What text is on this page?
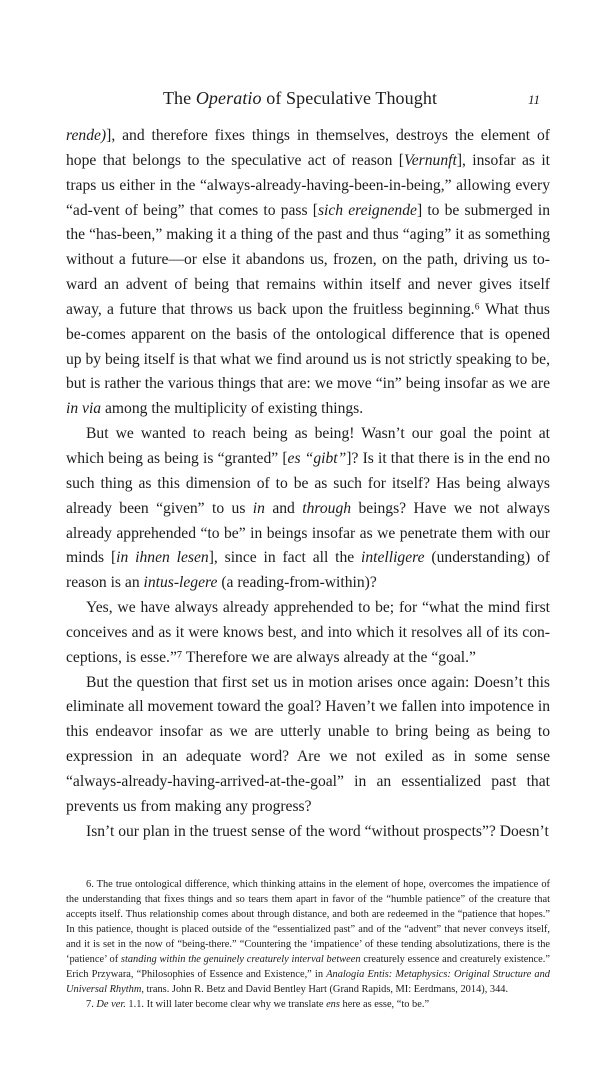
The Operatio of Speculative Thought	11

rende)], and therefore fixes things in themselves, destroys the element of hope that belongs to the speculative act of reason [Vernunft], insofar as it traps us either in the “always-already-having-been-in-being,” allowing every “ad-vent of being” that comes to pass [sich ereignende] to be submerged in the “has-been,” making it a thing of the past and thus “aging” it as something without a future—or else it abandons us, frozen, on the path, driving us to-ward an advent of being that remains within itself and never gives itself away, a future that throws us back upon the fruitless beginning.⁶ What thus be-comes apparent on the basis of the ontological difference that is opened up by being itself is that what we find around us is not strictly speaking to be, but is rather the various things that are: we move “in” being insofar as we are in via among the multiplicity of existing things.

But we wanted to reach being as being! Wasn’t our goal the point at which being as being is “granted” [es “gibt”]? Is it that there is in the end no such thing as this dimension of to be as such for itself? Has being always already been “given” to us in and through beings? Have we not always already apprehended “to be” in beings insofar as we penetrate them with our minds [in ihnen lesen], since in fact all the intelligere (understanding) of reason is an intus-legere (a reading-from-within)?

Yes, we have always already apprehended to be; for “what the mind first conceives and as it were knows best, and into which it resolves all of its con-ceptions, is esse.”⁷ Therefore we are always already at the “goal.”

But the question that first set us in motion arises once again: Doesn’t this eliminate all movement toward the goal? Haven’t we fallen into impotence in this endeavor insofar as we are utterly unable to bring being as being to expression in an adequate word? Are we not exiled as in some sense “always-already-having-arrived-at-the-goal” in an essentialized past that prevents us from making any progress?

Isn’t our plan in the truest sense of the word “without prospects”? Doesn’t

6. The true ontological difference, which thinking attains in the element of hope, overcomes the impatience of the understanding that fixes things and so tears them apart in favor of the “humble patience” of the creature that accepts itself. Thus relationship comes about through distance, and both are redeemed in the “patience that hopes.” In this patience, thought is placed outside of the “essentialized past” and of the “advent” that never conveys itself, and it is set in the now of “being-there.” “Countering the ‘impatience’ of these tending absolutizations, there is the ‘patience’ of standing within the genuinely creaturely interval between creaturely essence and creaturely existence.” Erich Przywara, “Philosophies of Essence and Existence,” in Analogia Entis: Metaphysics: Original Structure and Universal Rhythm, trans. John R. Betz and David Bentley Hart (Grand Rapids, MI: Eerdmans, 2014), 344.

7. De ver. 1.1. It will later become clear why we translate ens here as esse, “to be.”
